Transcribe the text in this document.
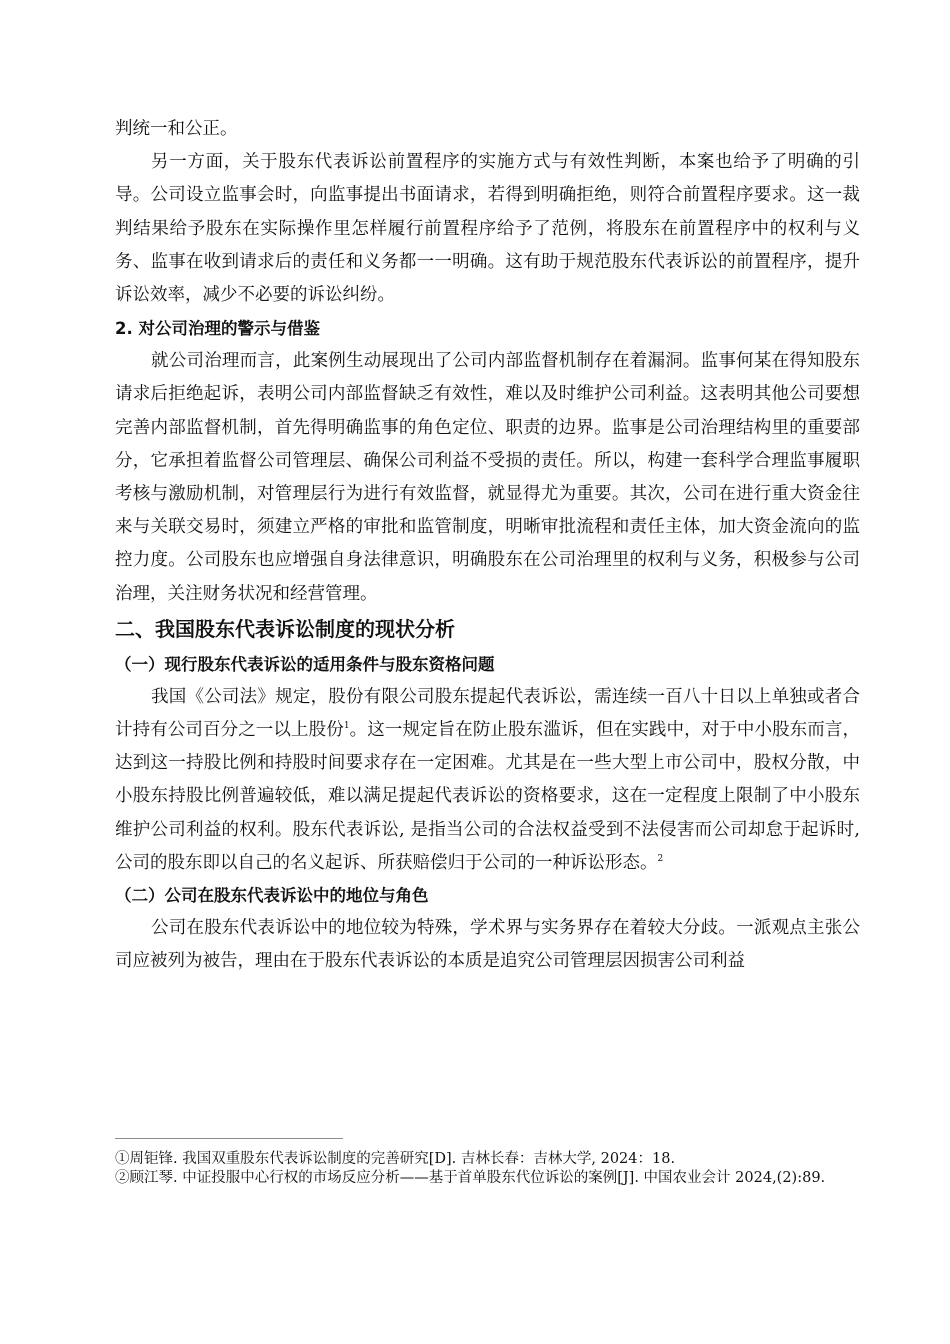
判统一和公正。

另一方面，关于股东代表诉讼前置程序的实施方式与有效性判断，本案也给予了明确的引导。公司设立监事会时，向监事提出书面请求，若得到明确拒绝，则符合前置程序要求。这一裁判结果给予股东在实际操作里怎样履行前置程序给予了范例，将股东在前置程序中的权利与义务、监事在收到请求后的责任和义务都一一明确。这有助于规范股东代表诉讼的前置程序，提升诉讼效率，减少不必要的诉讼纠纷。

2. 对公司治理的警示与借鉴

就公司治理而言，此案例生动展现出了公司内部监督机制存在着漏洞。监事何某在得知股东请求后拒绝起诉，表明公司内部监督缺乏有效性，难以及时维护公司利益。这表明其他公司要想完善内部监督机制，首先得明确监事的角色定位、职责的边界。监事是公司治理结构里的重要部分，它承担着监督公司管理层、确保公司利益不受损的责任。所以，构建一套科学合理监事履职考核与激励机制，对管理层行为进行有效监督，就显得尤为重要。其次，公司在进行重大资金往来与关联交易时，须建立严格的审批和监管制度，明晰审批流程和责任主体，加大资金流向的监控力度。公司股东也应增强自身法律意识，明确股东在公司治理里的权利与义务，积极参与公司治理，关注财务状况和经营管理。

二、我国股东代表诉讼制度的现状分析

（一）现行股东代表诉讼的适用条件与股东资格问题

我国《公司法》规定，股份有限公司股东提起代表诉讼，需连续一百八十日以上单独或者合计持有公司百分之一以上股份$^1$。这一规定旨在防止股东滥诉，但在实践中，对于中小股东而言，达到这一持股比例和持股时间要求存在一定困难。尤其是在一些大型上市公司中，股权分散，中小股东持股比例普遍较低，难以满足提起代表诉讼的资格要求，这在一定程度上限制了中小股东维护公司利益的权利。股东代表诉讼, 是指当公司的合法权益受到不法侵害而公司却怠于起诉时, 公司的股东即以自己的名义起诉、所获赔偿归于公司的一种诉讼形态。$^2$

（二）公司在股东代表诉讼中的地位与角色

公司在股东代表诉讼中的地位较为特殊，学术界与实务界存在着较大分歧。一派观点主张公司应被列为被告，理由在于股东代表诉讼的本质是追究公司管理层因损害公司利益

①周钜锋. 我国双重股东代表诉讼制度的完善研究[D]. 吉林长春：吉林大学, 2024：18.

②顾江琴. 中证投服中心行权的市场反应分析——基于首单股东代位诉讼的案例[J]. 中国农业会计 2024,(2):89.
